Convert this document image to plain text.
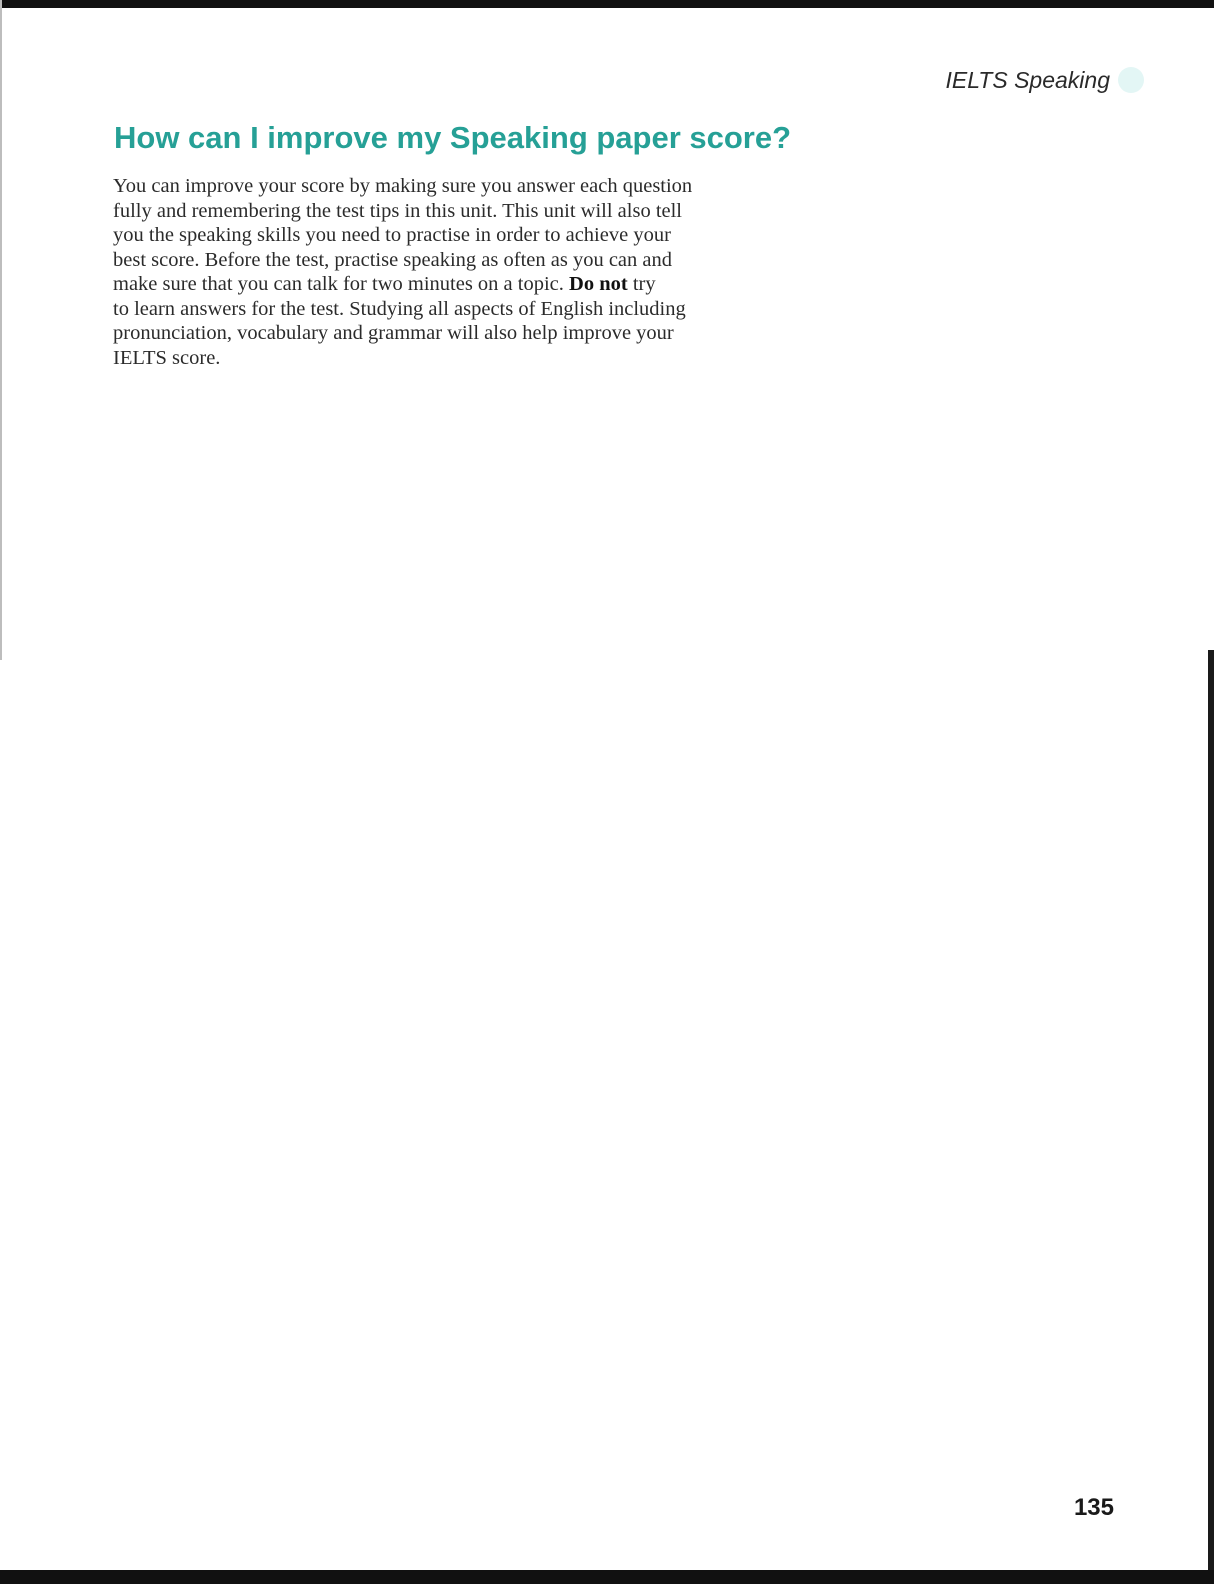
IELTS Speaking
How can I improve my Speaking paper score?

You can improve your score by making sure you answer each question
fully and remembering the test tips in this unit. This unit will also tell
you the speaking skills you need to practise in order to achieve your
best score. Before the test, practise speaking as often as you can and
make sure that you can talk for two minutes on a topic. Do not try
to learn answers for the test. Studying all aspects of English including
pronunciation, vocabulary and grammar will also help improve your
IELTS score.

135
